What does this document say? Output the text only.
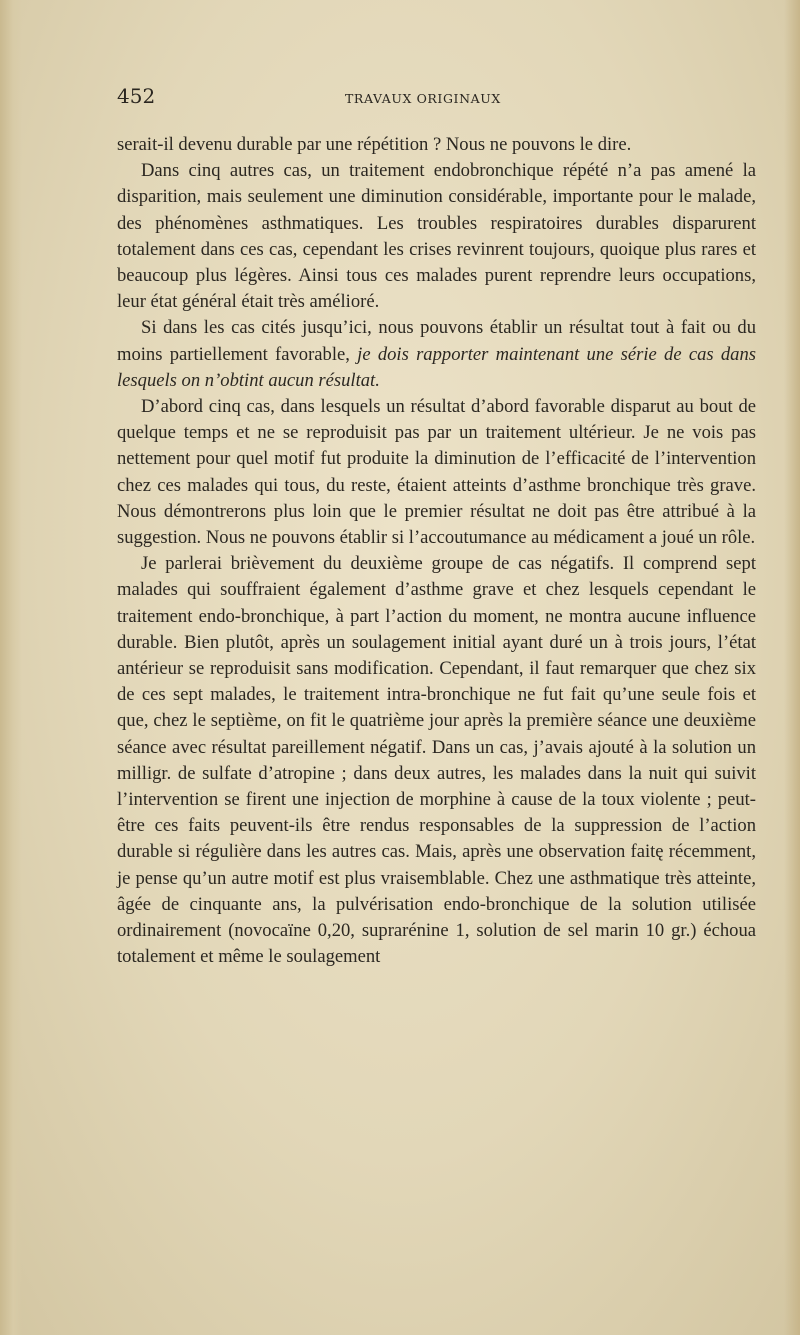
452	TRAVAUX ORIGINAUX

serait-il devenu durable par une répétition ? Nous ne pouvons le dire.

Dans cinq autres cas, un traitement endobronchique répété n’a pas amené la disparition, mais seulement une diminution considérable, importante pour le malade, des phénomènes asthmatiques. Les troubles respiratoires durables disparurent totalement dans ces cas, cependant les crises revinrent toujours, quoique plus rares et beaucoup plus légères. Ainsi tous ces malades purent reprendre leurs occupations, leur état général était très amélioré.

Si dans les cas cités jusqu’ici, nous pouvons établir un résultat tout à fait ou du moins partiellement favorable, je dois rapporter maintenant une série de cas dans lesquels on n’obtint aucun résultat.

D’abord cinq cas, dans lesquels un résultat d’abord favorable disparut au bout de quelque temps et ne se reproduisit pas par un traitement ultérieur. Je ne vois pas nettement pour quel motif fut produite la diminution de l’efficacité de l’intervention chez ces malades qui tous, du reste, étaient atteints d’asthme bronchique très grave. Nous démontrerons plus loin que le premier résultat ne doit pas être attribué à la suggestion. Nous ne pouvons établir si l’accoutumance au médicament a joué un rôle.

Je parlerai brièvement du deuxième groupe de cas négatifs. Il comprend sept malades qui souffraient également d’asthme grave et chez lesquels cependant le traitement endo-bronchique, à part l’action du moment, ne montra aucune influence durable. Bien plutôt, après un soulagement initial ayant duré un à trois jours, l’état antérieur se reproduisit sans modification. Cependant, il faut remarquer que chez six de ces sept malades, le traitement intra-bronchique ne fut fait qu’une seule fois et que, chez le septième, on fit le quatrième jour après la première séance une deuxième séance avec résultat pareillement négatif. Dans un cas, j’avais ajouté à la solution un milligr. de sulfate d’atropine ; dans deux autres, les malades dans la nuit qui suivit l’intervention se firent une injection de morphine à cause de la toux violente ; peut-être ces faits peuvent-ils être rendus responsables de la suppression de l’action durable si régulière dans les autres cas. Mais, après une observation faitę récemment, je pense qu’un autre motif est plus vraisemblable. Chez une asthmatique très atteinte, âgée de cinquante ans, la pulvérisation endo-bronchique de la solution utilisée ordinairement (novocaïne 0,20, suprarénine 1, solution de sel marin 10 gr.) échoua totalement et même le soulagement
